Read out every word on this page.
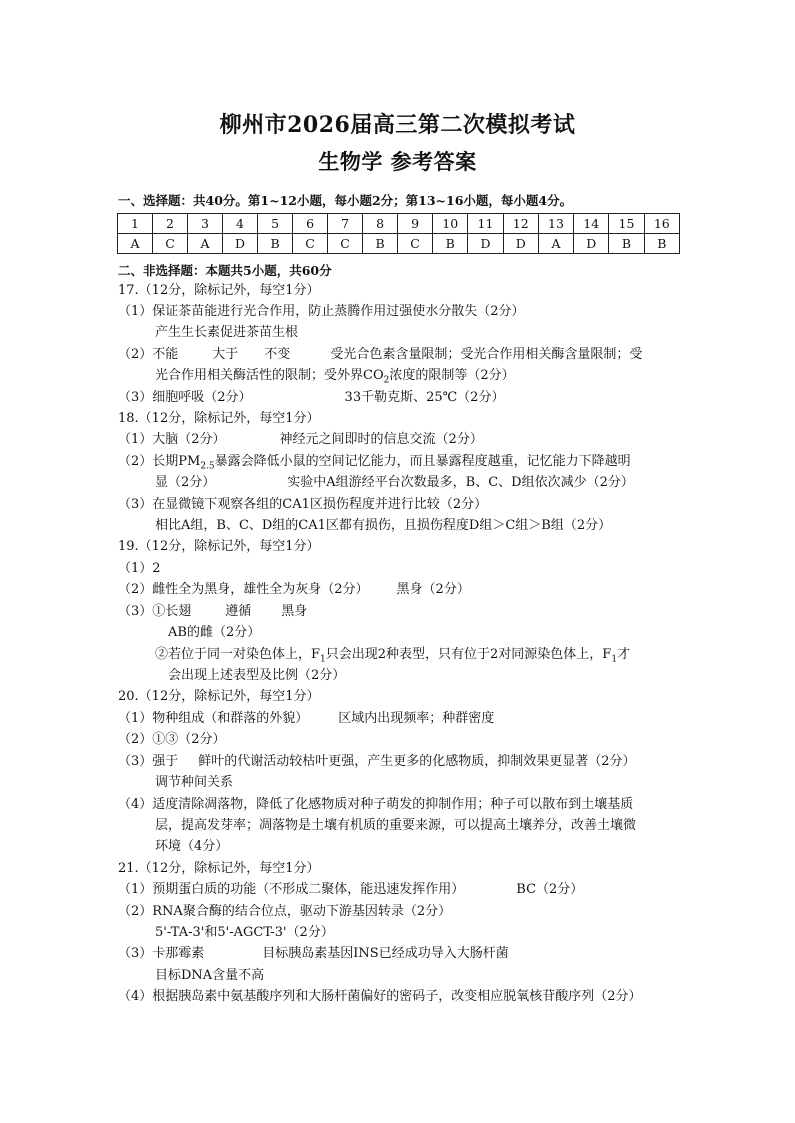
柳州市2026届高三第二次模拟考试
生物学 参考答案
一、选择题：共40分。第1~12小题，每小题2分；第13~16小题，每小题4分。
1	2	3	4	5	6	7	8	9	10	11	12	13	14	15	16
A	C	A	D	B	C	C	B	C	B	D	D	A	D	B	B
二、非选择题：本题共5小题，共60分
17.（12分，除标记外，每空1分）
（1）保证茶苗能进行光合作用，防止蒸腾作用过强使水分散失（2分）
产生生长素促进茶苗生根
（2）不能	大于 不变	受光合色素含量限制；受光合作用相关酶含量限制；受
光合作用相关酶活性的限制；受外界$CO_2$浓度的限制等（2分）
（3）细胞呼吸（2分）	33千勒克斯、25℃（2分）
18.（12分，除标记外，每空1分）
（1）大脑（2分）	神经元之间即时的信息交流（2分）
（2）长期$PM_{2.5}$暴露会降低小鼠的空间记忆能力，而且暴露程度越重，记忆能力下降越明
显（2分）	实验中A组游经平台次数最多，B、C、D组依次减少（2分）
（3）在显微镜下观察各组的CA1区损伤程度并进行比较（2分）
相比A组，B、C、D组的CA1区都有损伤，且损伤程度D组＞C组＞B组（2分）
19.（12分，除标记外，每空1分）
（1）2
（2）雌性全为黑身，雄性全为灰身（2分） 黑身（2分）
（3）①长翅	遵循 黑身
AB的雌（2分）
②若位于同一对染色体上，$F_1$只会出现2种表型，只有位于2对同源染色体上，$F_1$才
会出现上述表型及比例（2分）
20.（12分，除标记外，每空1分）
（1）物种组成（和群落的外貌） 区域内出现频率；种群密度
（2）①③（2分）
（3）强于 鲜叶的代谢活动较枯叶更强，产生更多的化感物质，抑制效果更显著（2分）
调节种间关系
（4）适度清除凋落物，降低了化感物质对种子萌发的抑制作用；种子可以散布到土壤基质
层，提高发芽率；凋落物是土壤有机质的重要来源，可以提高土壤养分，改善土壤微
环境（4分）
21.（12分，除标记外，每空1分）
（1）预期蛋白质的功能（不形成二聚体，能迅速发挥作用）	BC（2分）
（2）RNA聚合酶的结合位点，驱动下游基因转录（2分）
5'-TA-3'和5'-AGCT-3'（2分）
（3）卡那霉素	目标胰岛素基因INS已经成功导入大肠杆菌
目标DNA含量不高
（4）根据胰岛素中氨基酸序列和大肠杆菌偏好的密码子，改变相应脱氧核苷酸序列（2分）
